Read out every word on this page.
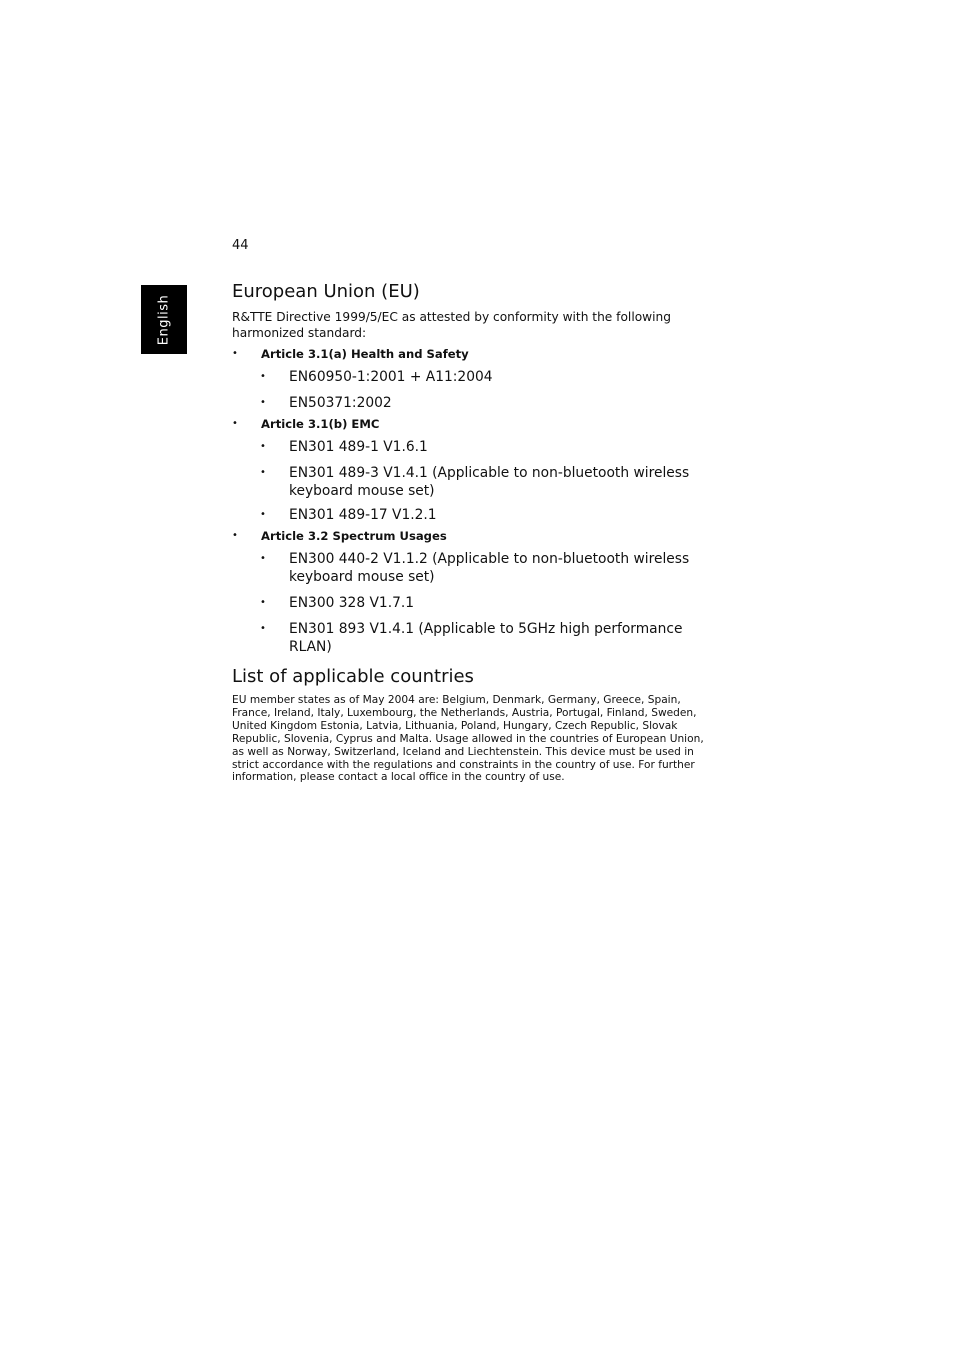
44
English
European Union (EU)

R&TTE Directive 1999/5/EC as attested by conformity with the following harmonized standard:

• Article 3.1(a) Health and Safety
• EN60950-1:2001 + A11:2004
• EN50371:2002
• Article 3.1(b) EMC
• EN301 489-1 V1.6.1
• EN301 489-3 V1.4.1 (Applicable to non-bluetooth wireless keyboard mouse set)
• EN301 489-17 V1.2.1
• Article 3.2 Spectrum Usages
• EN300 440-2 V1.1.2 (Applicable to non-bluetooth wireless keyboard mouse set)
• EN300 328 V1.7.1
• EN301 893 V1.4.1 (Applicable to 5GHz high performance RLAN)
List of applicable countries

EU member states as of May 2004 are: Belgium, Denmark, Germany, Greece, Spain, France, Ireland, Italy, Luxembourg, the Netherlands, Austria, Portugal, Finland, Sweden, United Kingdom Estonia, Latvia, Lithuania, Poland, Hungary, Czech Republic, Slovak Republic, Slovenia, Cyprus and Malta. Usage allowed in the countries of European Union, as well as Norway, Switzerland, Iceland and Liechtenstein. This device must be used in strict accordance with the regulations and constraints in the country of use. For further information, please contact a local office in the country of use.
